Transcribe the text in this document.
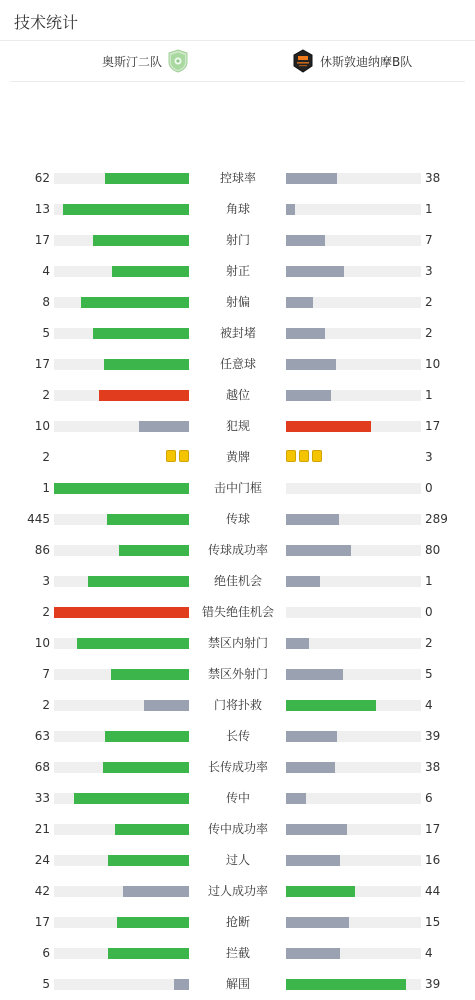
技术统计
奥斯汀二队	休斯敦迪纳摩B队
62	控球率	38
13	角球	1
17	射门	7
4	射正	3
8	射偏	2
5	被封堵	2
17	任意球	10
2	越位	1
10	犯规	17
2	黄牌	3
1	击中门框	0
445	传球	289
86	传球成功率	80
3	绝佳机会	1
2	错失绝佳机会	0
10	禁区内射门	2
7	禁区外射门	5
2	门将扑救	4
63	长传	39
68	长传成功率	38
33	传中	6
21	传中成功率	17
24	过人	16
42	过人成功率	44
17	抢断	15
6	拦截	4
5	解围	39
